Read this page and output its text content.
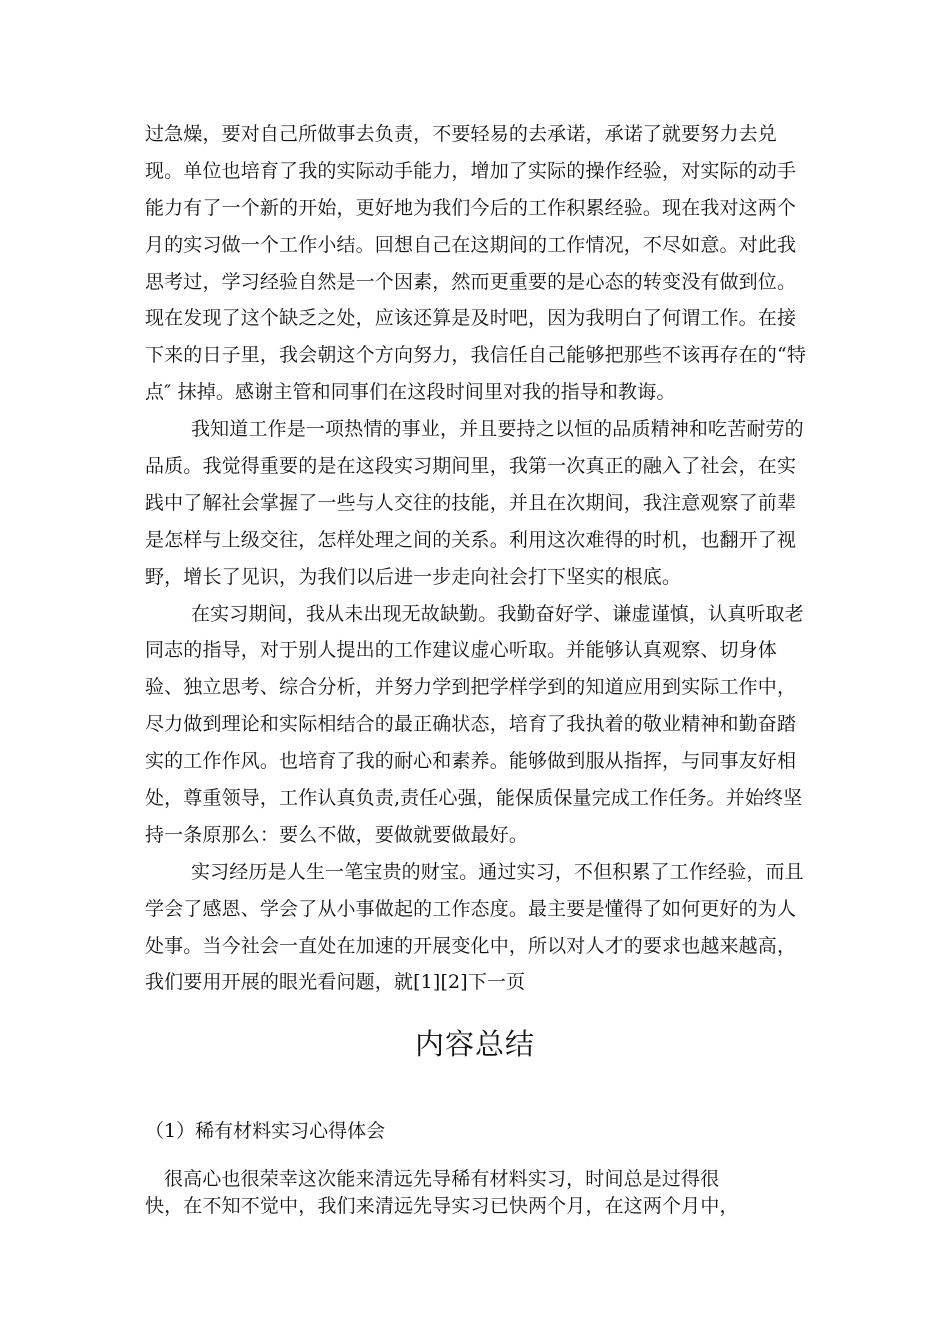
过急燥，要对自己所做事去负责，不要轻易的去承诺，承诺了就要努力去兑
现。单位也培育了我的实际动手能力，增加了实际的操作经验，对实际的动手
能力有了一个新的开始，更好地为我们今后的工作积累经验。现在我对这两个
月的实习做一个工作小结。回想自己在这期间的工作情况，不尽如意。对此我
思考过，学习经验自然是一个因素，然而更重要的是心态的转变没有做到位。
现在发现了这个缺乏之处，应该还算是及时吧，因为我明白了何谓工作。在接
下来的日子里，我会朝这个方向努力，我信任自己能够把那些不该再存在的“特
点″ 抹掉。感谢主管和同事们在这段时间里对我的指导和教诲。
我知道工作是一项热情的事业，并且要持之以恒的品质精神和吃苦耐劳的
品质。我觉得重要的是在这段实习期间里，我第一次真正的融入了社会，在实
践中了解社会掌握了一些与人交往的技能，并且在次期间，我注意观察了前辈
是怎样与上级交往，怎样处理之间的关系。利用这次难得的时机，也翻开了视
野，增长了见识，为我们以后进一步走向社会打下坚实的根底。
在实习期间，我从未出现无故缺勤。我勤奋好学、谦虚谨慎，认真听取老
同志的指导，对于别人提出的工作建议虚心听取。并能够认真观察、切身体
验、独立思考、综合分析，并努力学到把学样学到的知道应用到实际工作中，
尽力做到理论和实际相结合的最正确状态，培育了我执着的敬业精神和勤奋踏
实的工作作风。也培育了我的耐心和素养。能够做到服从指挥，与同事友好相
处，尊重领导，工作认真负责,责任心强，能保质保量完成工作任务。并始终坚
持一条原那么：要么不做，要做就要做最好。
实习经历是人生一笔宝贵的财宝。通过实习，不但积累了工作经验，而且
学会了感恩、学会了从小事做起的工作态度。最主要是懂得了如何更好的为人
处事。当今社会一直处在加速的开展变化中，所以对人才的要求也越来越高，
我们要用开展的眼光看问题，就[1][2]下一页
内容总结
（1）稀有材料实习心得体会
很高心也很荣幸这次能来清远先导稀有材料实习，时间总是过得很
快，在不知不觉中，我们来清远先导实习已快两个月，在这两个月中，
